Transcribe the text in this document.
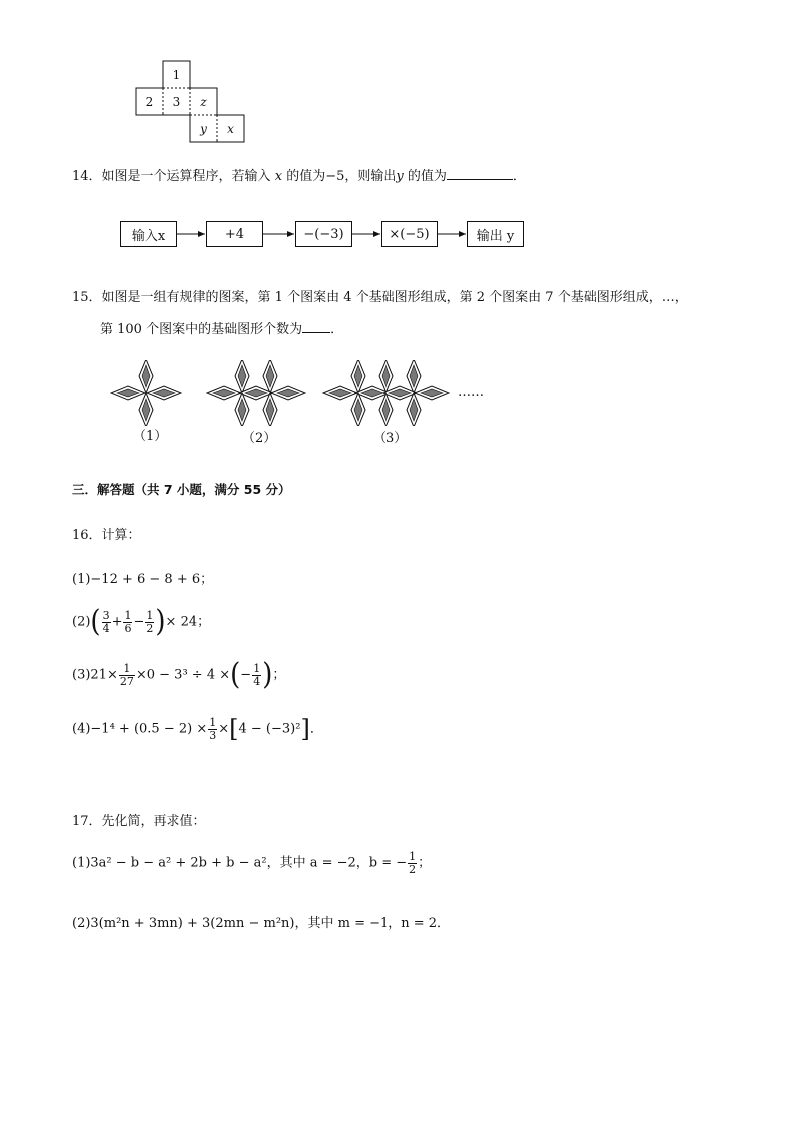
1
2 3 z
y x
14．如图是一个运算程序，若输入 x 的值为−5，则输出y 的值为	．
输入x	+4	−(−3)	×(−5)	输出 y
15．如图是一组有规律的图案，第 1 个图案由 4 个基础图形组成，第 2 个图案由 7 个基础图形组成，…，
第 100 个图案中的基础图形个数为 ．
（1）	（2）	（3）
……
三．解答题（共 7 小题，满分 55 分）
16．计算：
(1)−12 + 6 − 8 + 6；
$(2)( \frac{3}{4} + \frac{1}{6} - \frac{1}{2}$ )× 24；
$(3)21\times \frac{1}{27} \times 0 - 3^3 \div 4$ ×(− $\frac{1}{4}$ )；
$(4)-1^4 + (0.5 - 2) \times \frac{1}{3} \times[4 - (-3)^2]$．
17．先化简，再求值：
(1)3a² − b − a² + 2b + b − a²，其中 a = −2，b = − $\frac{1}{2}$ ；
(2)3(m²n + 3mn) + 3(2mn − m²n)，其中 m = −1，n = 2．
